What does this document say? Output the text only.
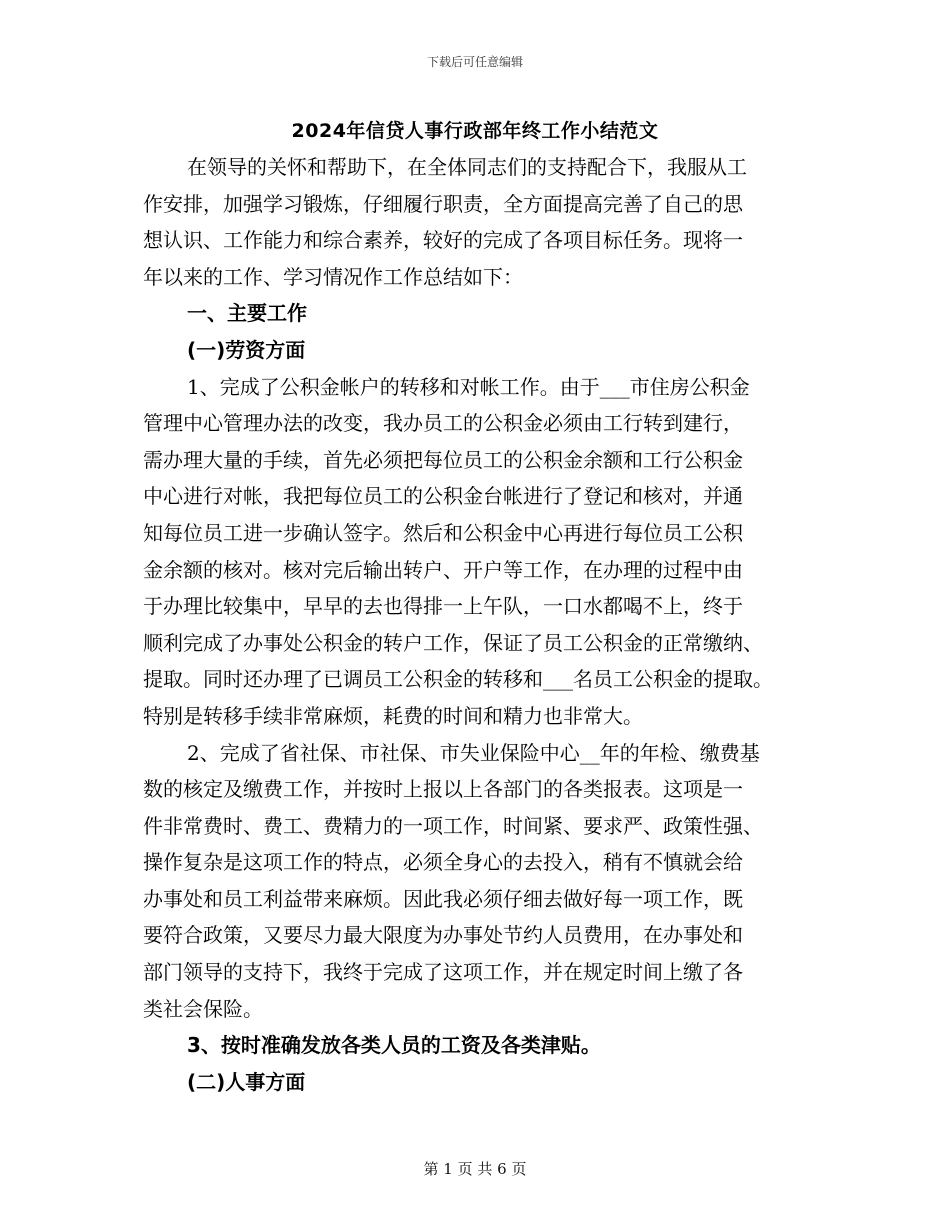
下载后可任意编辑
2024年信贷人事行政部年终工作小结范文
在领导的关怀和帮助下，在全体同志们的支持配合下，我服从工
作安排，加强学习锻炼，仔细履行职责，全方面提高完善了自己的思
想认识、工作能力和综合素养，较好的完成了各项目标任务。现将一
年以来的工作、学习情况作工作总结如下：
一、主要工作
(一)劳资方面
1、完成了公积金帐户的转移和对帐工作。由于___市住房公积金
管理中心管理办法的改变，我办员工的公积金必须由工行转到建行，
需办理大量的手续，首先必须把每位员工的公积金余额和工行公积金
中心进行对帐，我把每位员工的公积金台帐进行了登记和核对，并通
知每位员工进一步确认签字。然后和公积金中心再进行每位员工公积
金余额的核对。核对完后输出转户、开户等工作，在办理的过程中由
于办理比较集中，早早的去也得排一上午队，一口水都喝不上，终于
顺利完成了办事处公积金的转户工作，保证了员工公积金的正常缴纳、
提取。同时还办理了已调员工公积金的转移和___名员工公积金的提取。
特别是转移手续非常麻烦，耗费的时间和精力也非常大。
2、完成了省社保、市社保、市失业保险中心__年的年检、缴费基
数的核定及缴费工作，并按时上报以上各部门的各类报表。这项是一
件非常费时、费工、费精力的一项工作，时间紧、要求严、政策性强、
操作复杂是这项工作的特点，必须全身心的去投入，稍有不慎就会给
办事处和员工利益带来麻烦。因此我必须仔细去做好每一项工作，既
要符合政策，又要尽力最大限度为办事处节约人员费用，在办事处和
部门领导的支持下，我终于完成了这项工作，并在规定时间上缴了各
类社会保险。
3、按时准确发放各类人员的工资及各类津贴。
(二)人事方面
第 1 页 共 6 页
